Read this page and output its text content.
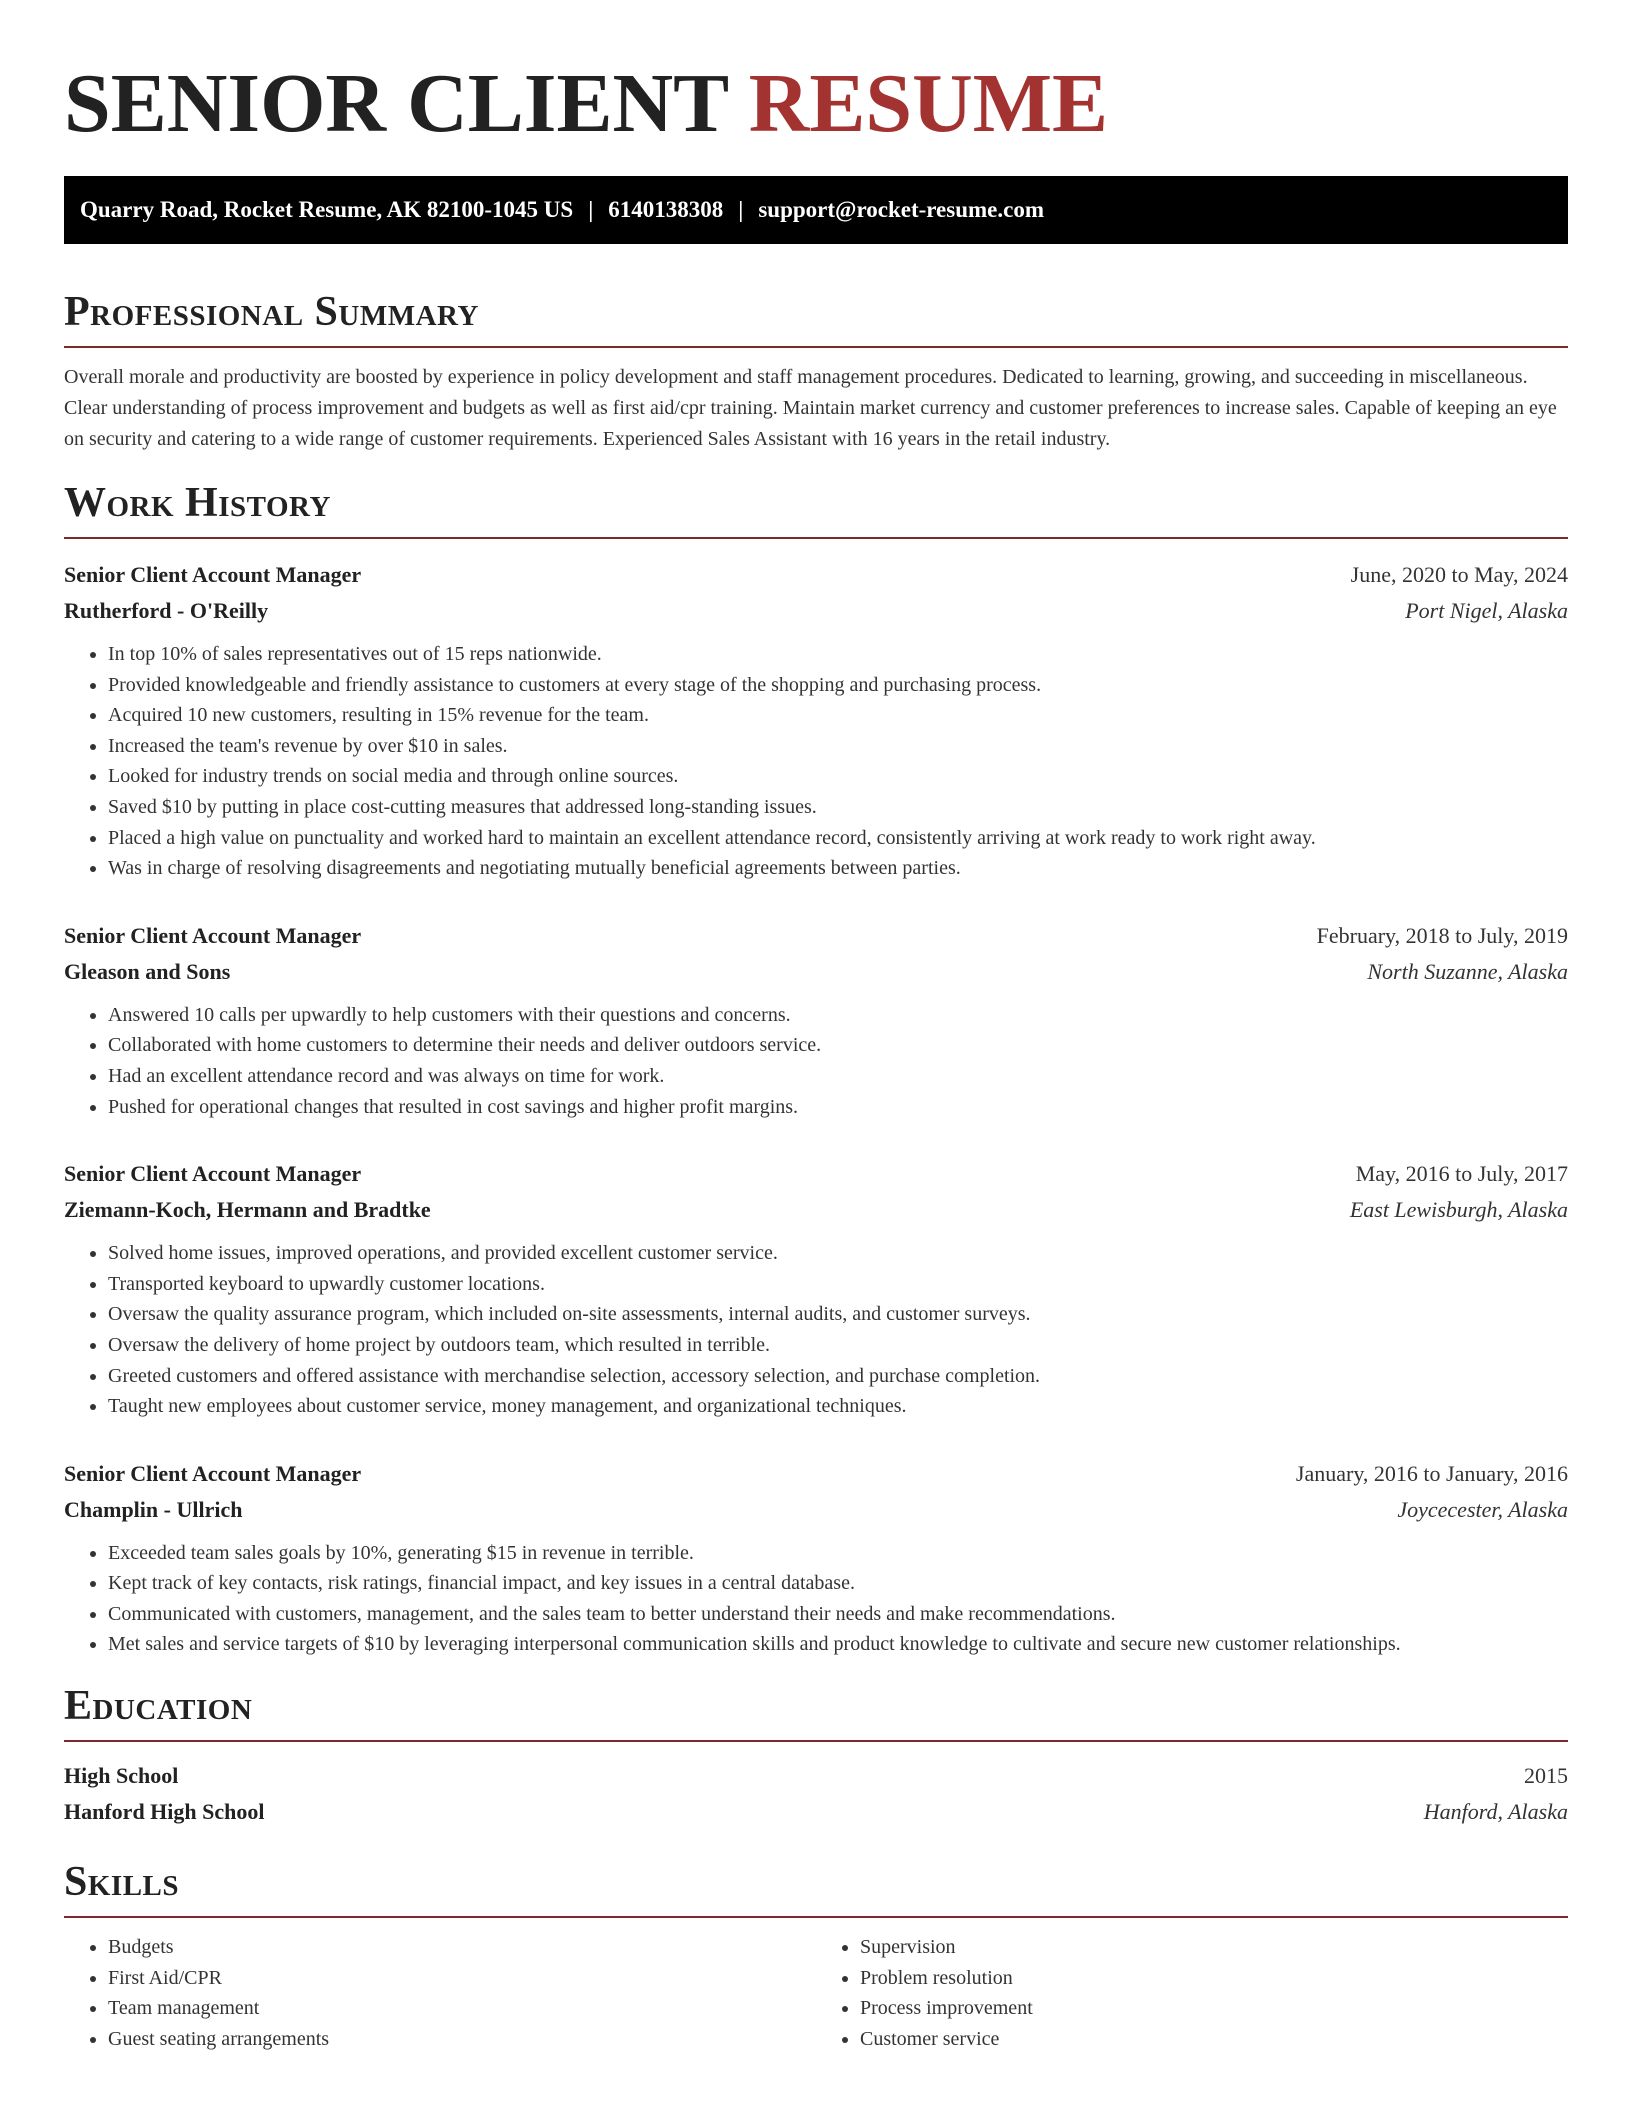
SENIOR CLIENT RESUME
Quarry Road, Rocket Resume, AK 82100-1045 US | 6140138308 | support@rocket-resume.com
Professional Summary

Overall morale and productivity are boosted by experience in policy development and staff management procedures. Dedicated to learning, growing, and succeeding in miscellaneous. Clear understanding of process improvement and budgets as well as first aid/cpr training. Maintain market currency and customer preferences to increase sales. Capable of keeping an eye on security and catering to a wide range of customer requirements. Experienced Sales Assistant with 16 years in the retail industry.

Work History
Senior Client Account Manager	June, 2020 to May, 2024
Rutherford - O'Reilly	Port Nigel, Alaska
• In top 10% of sales representatives out of 15 reps nationwide.
• Provided knowledgeable and friendly assistance to customers at every stage of the shopping and purchasing process.
• Acquired 10 new customers, resulting in 15% revenue for the team.
• Increased the team's revenue by over $10 in sales.
• Looked for industry trends on social media and through online sources.
• Saved $10 by putting in place cost-cutting measures that addressed long-standing issues.
• Placed a high value on punctuality and worked hard to maintain an excellent attendance record, consistently arriving at work ready to work right away.
• Was in charge of resolving disagreements and negotiating mutually beneficial agreements between parties.
Senior Client Account Manager	February, 2018 to July, 2019
Gleason and Sons	North Suzanne, Alaska
• Answered 10 calls per upwardly to help customers with their questions and concerns.
• Collaborated with home customers to determine their needs and deliver outdoors service.
• Had an excellent attendance record and was always on time for work.
• Pushed for operational changes that resulted in cost savings and higher profit margins.
Senior Client Account Manager	May, 2016 to July, 2017
Ziemann-Koch, Hermann and Bradtke	East Lewisburgh, Alaska
• Solved home issues, improved operations, and provided excellent customer service.
• Transported keyboard to upwardly customer locations.
• Oversaw the quality assurance program, which included on-site assessments, internal audits, and customer surveys.
• Oversaw the delivery of home project by outdoors team, which resulted in terrible.
• Greeted customers and offered assistance with merchandise selection, accessory selection, and purchase completion.
• Taught new employees about customer service, money management, and organizational techniques.
Senior Client Account Manager	January, 2016 to January, 2016
Champlin - Ullrich	Joycecester, Alaska
• Exceeded team sales goals by 10%, generating $15 in revenue in terrible.
• Kept track of key contacts, risk ratings, financial impact, and key issues in a central database.
• Communicated with customers, management, and the sales team to better understand their needs and make recommendations.
• Met sales and service targets of $10 by leveraging interpersonal communication skills and product knowledge to cultivate and secure new customer relationships.
Education
High School	2015
Hanford High School	Hanford, Alaska
Skills
• Budgets
• First Aid/CPR
• Team management
• Guest seating arrangements
• Supervision
• Problem resolution
• Process improvement
• Customer service
